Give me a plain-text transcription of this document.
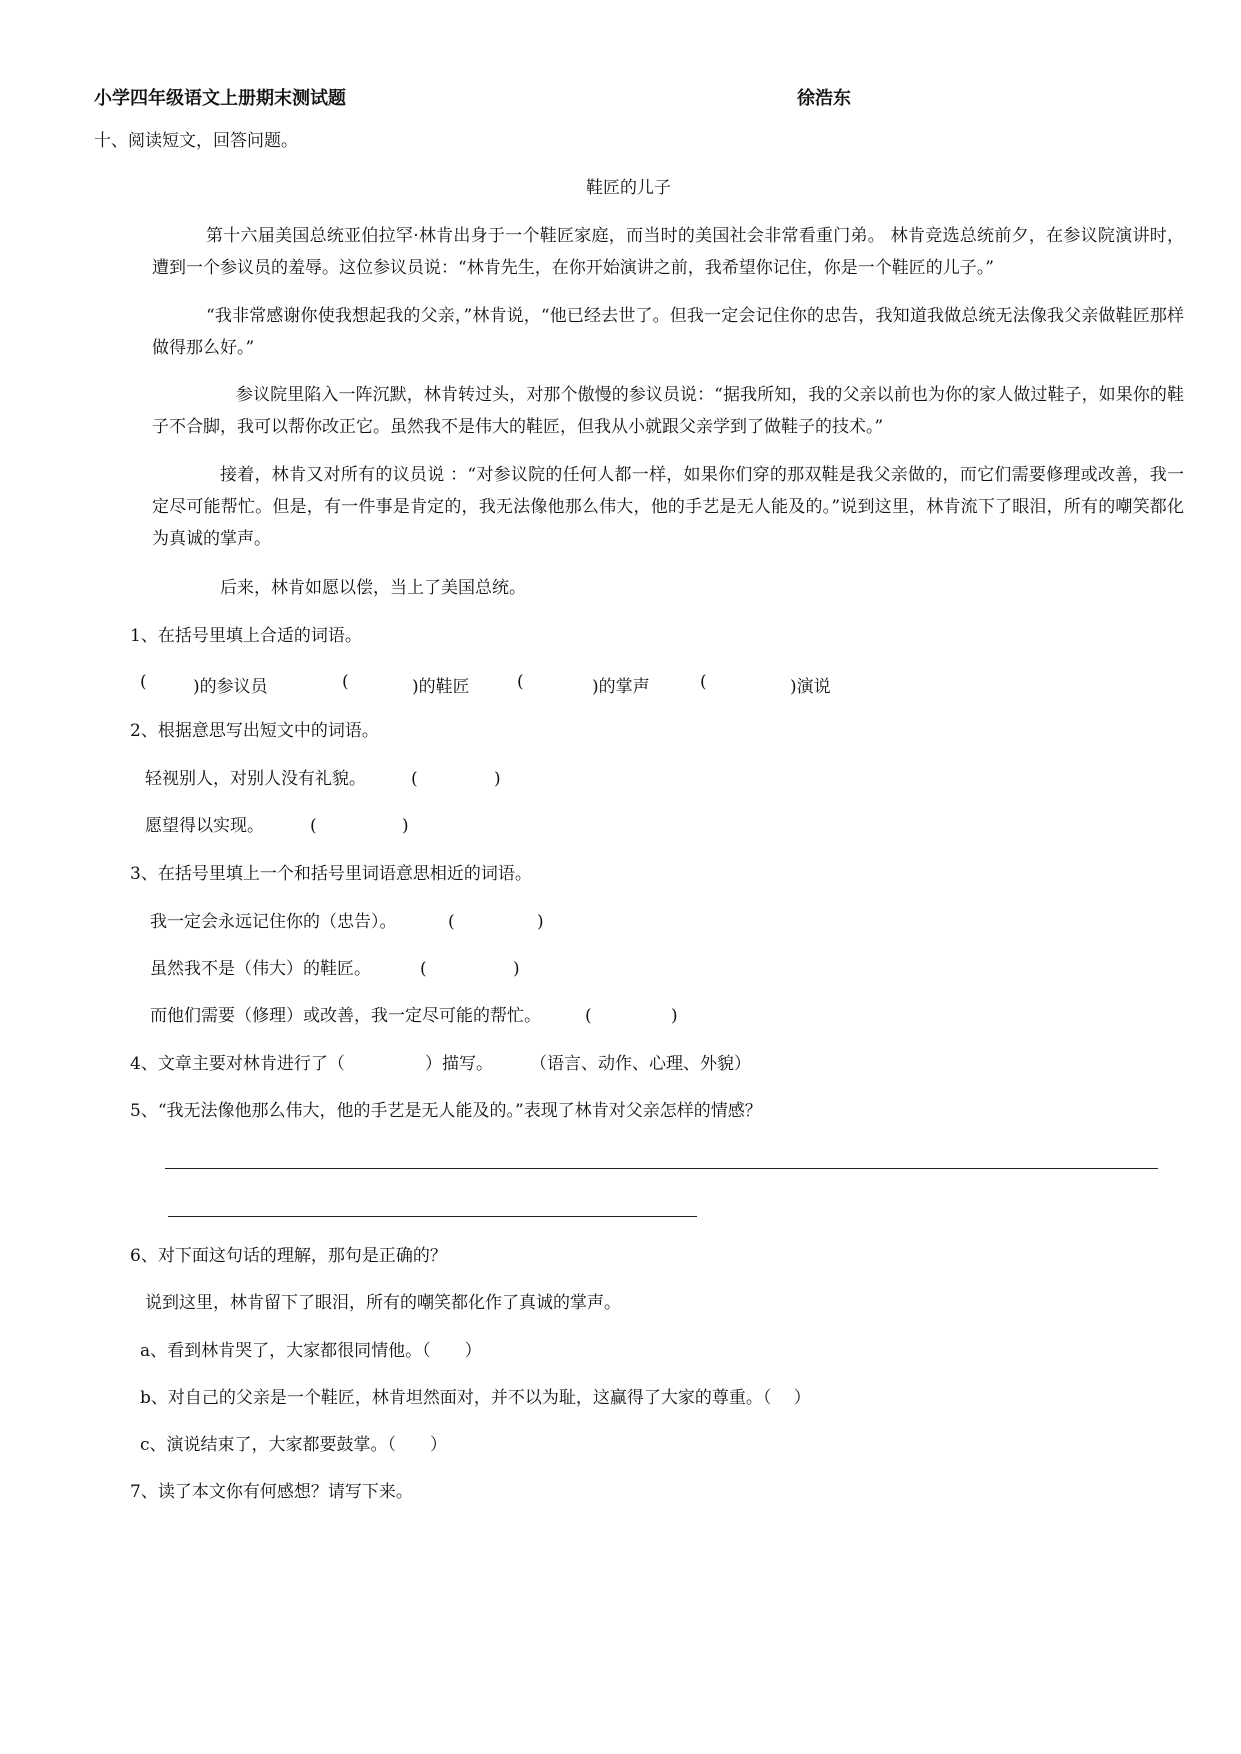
小学四年级语文上册期末测试题	徐浩东
十、阅读短文，回答问题。
鞋匠的儿子
第十六届美国总统亚伯拉罕·林肯出身于一个鞋匠家庭，而当时的美国社会非常看重门弟。 林肯竞选总统前夕，在参议院演讲时，遭到一个参议员的羞辱。这位参议员说：“林肯先生，在你开始演讲之前，我希望你记住，你是一个鞋匠的儿子。”
“我非常感谢你使我想起我的父亲，”林肯说，“他已经去世了。但我一定会记住你的忠告，我知道我做总统无法像我父亲做鞋匠那样做得那么好。”
参议院里陷入一阵沉默，林肯转过头，对那个傲慢的参议员说：“据我所知，我的父亲以前也为你的家人做过鞋子，如果你的鞋子不合脚，我可以帮你改正它。虽然我不是伟大的鞋匠，但我从小就跟父亲学到了做鞋子的技术。”
接着，林肯又对所有的议员说 ：“对参议院的任何人都一样，如果你们穿的那双鞋是我父亲做的，而它们需要修理或改善，我一定尽可能帮忙。但是，有一件事是肯定的，我无法像他那么伟大，他的手艺是无人能及的。”说到这里，林肯流下了眼泪，所有的嘲笑都化为真诚的掌声。
后来，林肯如愿以偿，当上了美国总统。
1、在括号里填上合适的词语。
(	)的参议员	(	)的鞋匠	(	)的掌声	(	)演说
2、根据意思写出短文中的词语。
轻视别人，对别人没有礼貌。	(	)
愿望得以实现。	(	)
3、在括号里填上一个和括号里词语意思相近的词语。
我一定会永远记住你的（忠告）。	(	)
虽然我不是（伟大）的鞋匠。	(	)
而他们需要（修理）或改善，我一定尽可能的帮忙。	(	)
4、文章主要对林肯进行了（	）描写。 （语言、动作、心理、外貌）
5、“我无法像他那么伟大，他的手艺是无人能及的。”表现了林肯对父亲怎样的情感？
6、对下面这句话的理解，那句是正确的？
说到这里，林肯留下了眼泪，所有的嘲笑都化作了真诚的掌声。
a、看到林肯哭了，大家都很同情他。（　　）
b、对自己的父亲是一个鞋匠，林肯坦然面对，并不以为耻，这赢得了大家的尊重。（　 ）
c、演说结束了，大家都要鼓掌。（　　）
7、读了本文你有何感想？请写下来。
